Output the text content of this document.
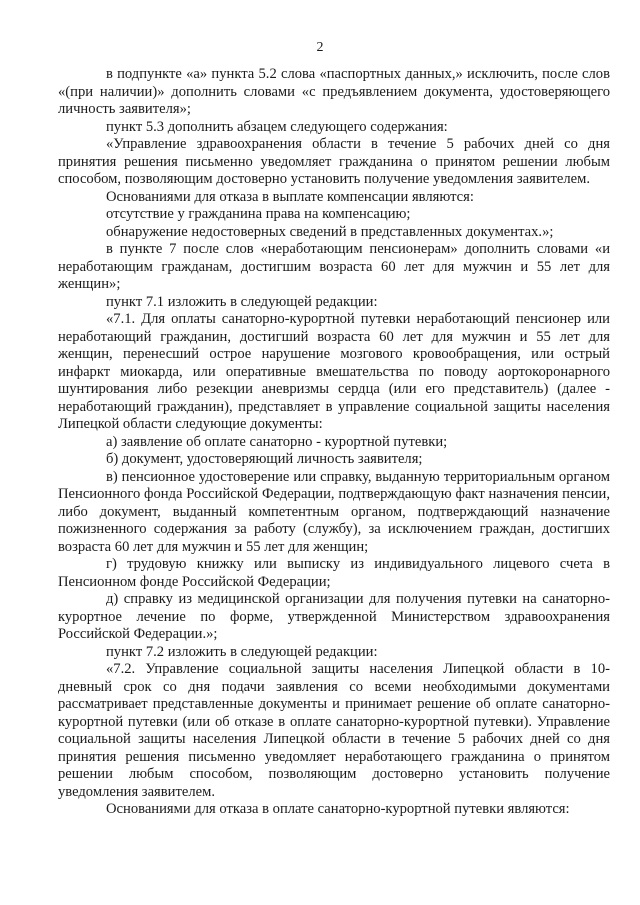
2

в подпункте «а» пункта 5.2 слова «паспортных данных,» исключить, после слов «(при наличии)» дополнить словами «с предъявлением документа, удостоверяющего личность заявителя»;

пункт 5.3 дополнить абзацем следующего содержания:

«Управление здравоохранения области в течение 5 рабочих дней со дня принятия решения письменно уведомляет гражданина о принятом решении любым способом, позволяющим достоверно установить получение уведомления заявителем.

Основаниями для отказа в выплате компенсации являются:

отсутствие у гражданина права на компенсацию;

обнаружение недостоверных сведений в представленных документах.»;

в пункте 7 после слов «неработающим пенсионерам» дополнить словами «и неработающим гражданам, достигшим возраста 60 лет для мужчин и 55 лет для женщин»;

пункт 7.1 изложить в следующей редакции:

«7.1. Для оплаты санаторно-курортной путевки неработающий пенсионер или неработающий гражданин, достигший возраста 60 лет для мужчин и 55 лет для женщин, перенесший острое нарушение мозгового кровообращения, или острый инфаркт миокарда, или оперативные вмешательства по поводу аортокоронарного шунтирования либо резекции аневризмы сердца (или его представитель) (далее - неработающий гражданин), представляет в управление социальной защиты населения Липецкой области следующие документы:

а) заявление об оплате санаторно - курортной путевки;

б) документ, удостоверяющий личность заявителя;

в) пенсионное удостоверение или справку, выданную территориальным органом Пенсионного фонда Российской Федерации, подтверждающую факт назначения пенсии, либо документ, выданный компетентным органом, подтверждающий назначение пожизненного содержания за работу (службу), за исключением граждан, достигших возраста 60 лет для мужчин и 55 лет для женщин;

г) трудовую книжку или выписку из индивидуального лицевого счета в Пенсионном фонде Российской Федерации;

д) справку из медицинской организации для получения путевки на санаторно-курортное лечение по форме, утвержденной Министерством здравоохранения Российской Федерации.»;

пункт 7.2 изложить в следующей редакции:

«7.2. Управление социальной защиты населения Липецкой области в 10-дневный срок со дня подачи заявления со всеми необходимыми документами рассматривает представленные документы и принимает решение об оплате санаторно-курортной путевки (или об отказе в оплате санаторно-курортной путевки). Управление социальной защиты населения Липецкой области в течение 5 рабочих дней со дня принятия решения письменно уведомляет неработающего гражданина о принятом решении любым способом, позволяющим достоверно установить получение уведомления заявителем.

Основаниями для отказа в оплате санаторно-курортной путевки являются:
